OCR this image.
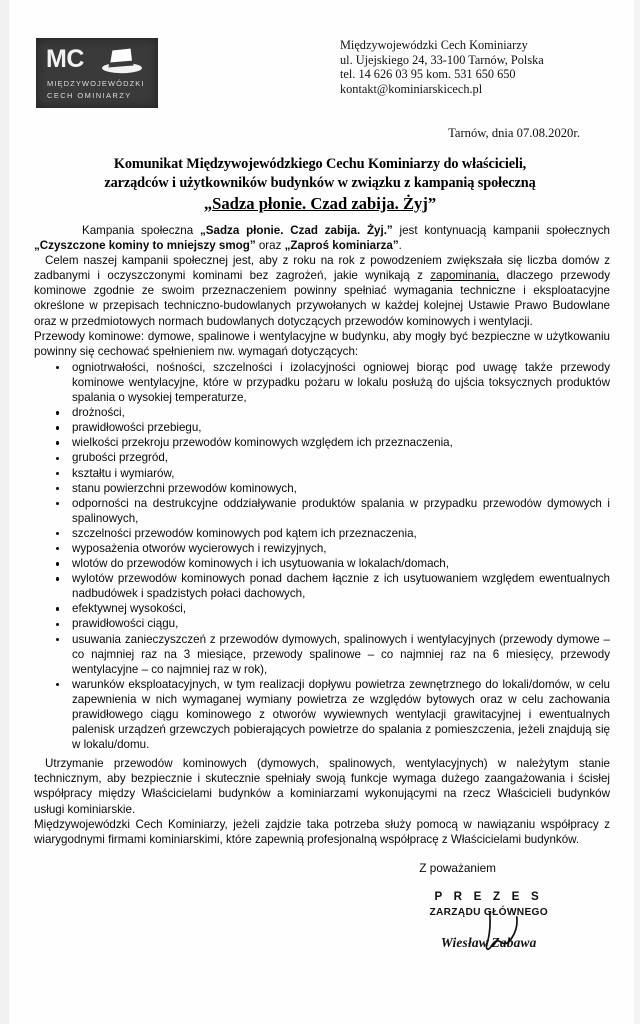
MC
MIĘDZYWOJEWÓDZKI
CECH OMINIARZY
Międzywojewódzki Cech Kominiarzy
ul. Ujejskiego 24, 33-100 Tarnów, Polska
tel. 14 626 03 95 kom. 531 650 650
kontakt@kominiarskicech.pl
Tarnów, dnia 07.08.2020r.
Komunikat Międzywojewódzkiego Cechu Kominiarzy do właścicieli,
zarządców i użytkowników budynków w związku z kampanią społeczną
„Sadza płonie. Czad zabija. Żyj”

Kampania społeczna „Sadza płonie. Czad zabija. Żyj.” jest kontynuacją kampanii społecznych „Czyszczone kominy to mniejszy smog” oraz „Zaproś kominiarza”.

Celem naszej kampanii społecznej jest, aby z roku na rok z powodzeniem zwiększała się liczba domów z zadbanymi i oczyszczonymi kominami bez zagrożeń, jakie wynikają z zapominania, dlaczego przewody kominowe zgodnie ze swoim przeznaczeniem powinny spełniać wymagania techniczne i eksploatacyjne określone w przepisach techniczno-budowlanych przywołanych w każdej kolejnej Ustawie Prawo Budowlane oraz w przedmiotowych normach budowlanych dotyczących przewodów kominowych i wentylacji.

Przewody kominowe: dymowe, spalinowe i wentylacyjne w budynku, aby mogły być bezpieczne w użytkowaniu powinny się cechować spełnieniem nw. wymagań dotyczących:

ogniotrwałości, nośności, szczelności i izolacyjności ogniowej biorąc pod uwagę także przewody kominowe wentylacyjne, które w przypadku pożaru w lokalu posłużą do ujścia toksycznych produktów spalania o wysokiej temperaturze,
drożności,
prawidłowości przebiegu,
wielkości przekroju przewodów kominowych względem ich przeznaczenia,
grubości przegród,
kształtu i wymiarów,
stanu powierzchni przewodów kominowych,
odporności na destrukcyjne oddziaływanie produktów spalania w przypadku przewodów dymowych i spalinowych,
szczelności przewodów kominowych pod kątem ich przeznaczenia,
wyposażenia otworów wycierowych i rewizyjnych,
wlotów do przewodów kominowych i ich usytuowania w lokalach/domach,
wylotów przewodów kominowych ponad dachem łącznie z ich usytuowaniem względem ewentualnych nadbudówek i spadzistych połaci dachowych,
efektywnej wysokości,
prawidłowości ciągu,
usuwania zanieczyszczeń z przewodów dymowych, spalinowych i wentylacyjnych (przewody dymowe – co najmniej raz na 3 miesiące, przewody spalinowe – co najmniej raz na 6 miesięcy, przewody wentylacyjne – co najmniej raz w rok),
warunków eksploatacyjnych, w tym realizacji dopływu powietrza zewnętrznego do lokali/domów, w celu zapewnienia w nich wymaganej wymiany powietrza ze względów bytowych oraz w celu zachowania prawidłowego ciągu kominowego z otworów wywiewnych wentylacji grawitacyjnej i ewentualnych palenisk urządzeń grzewczych pobierających powietrze do spalania z pomieszczenia, jeżeli znajdują się w lokalu/domu.

Utrzymanie przewodów kominowych (dymowych, spalinowych, wentylacyjnych) w należytym stanie technicznym, aby bezpiecznie i skutecznie spełniały swoją funkcje wymaga dużego zaangażowania i ścisłej współpracy między Właścicielami budynków a kominiarzami wykonującymi na rzecz Właścicieli budynków usługi kominiarskie.

Międzywojewódzki Cech Kominiarzy, jeżeli zajdzie taka potrzeba służy pomocą w nawiązaniu współpracy z wiarygodnymi firmami kominiarskimi, które zapewnią profesjonalną współpracę z Właścicielami budynków.

Z poważaniem
P R E Z E S
ZARZĄDU GŁÓWNEGO
Wiesław Zabawa
